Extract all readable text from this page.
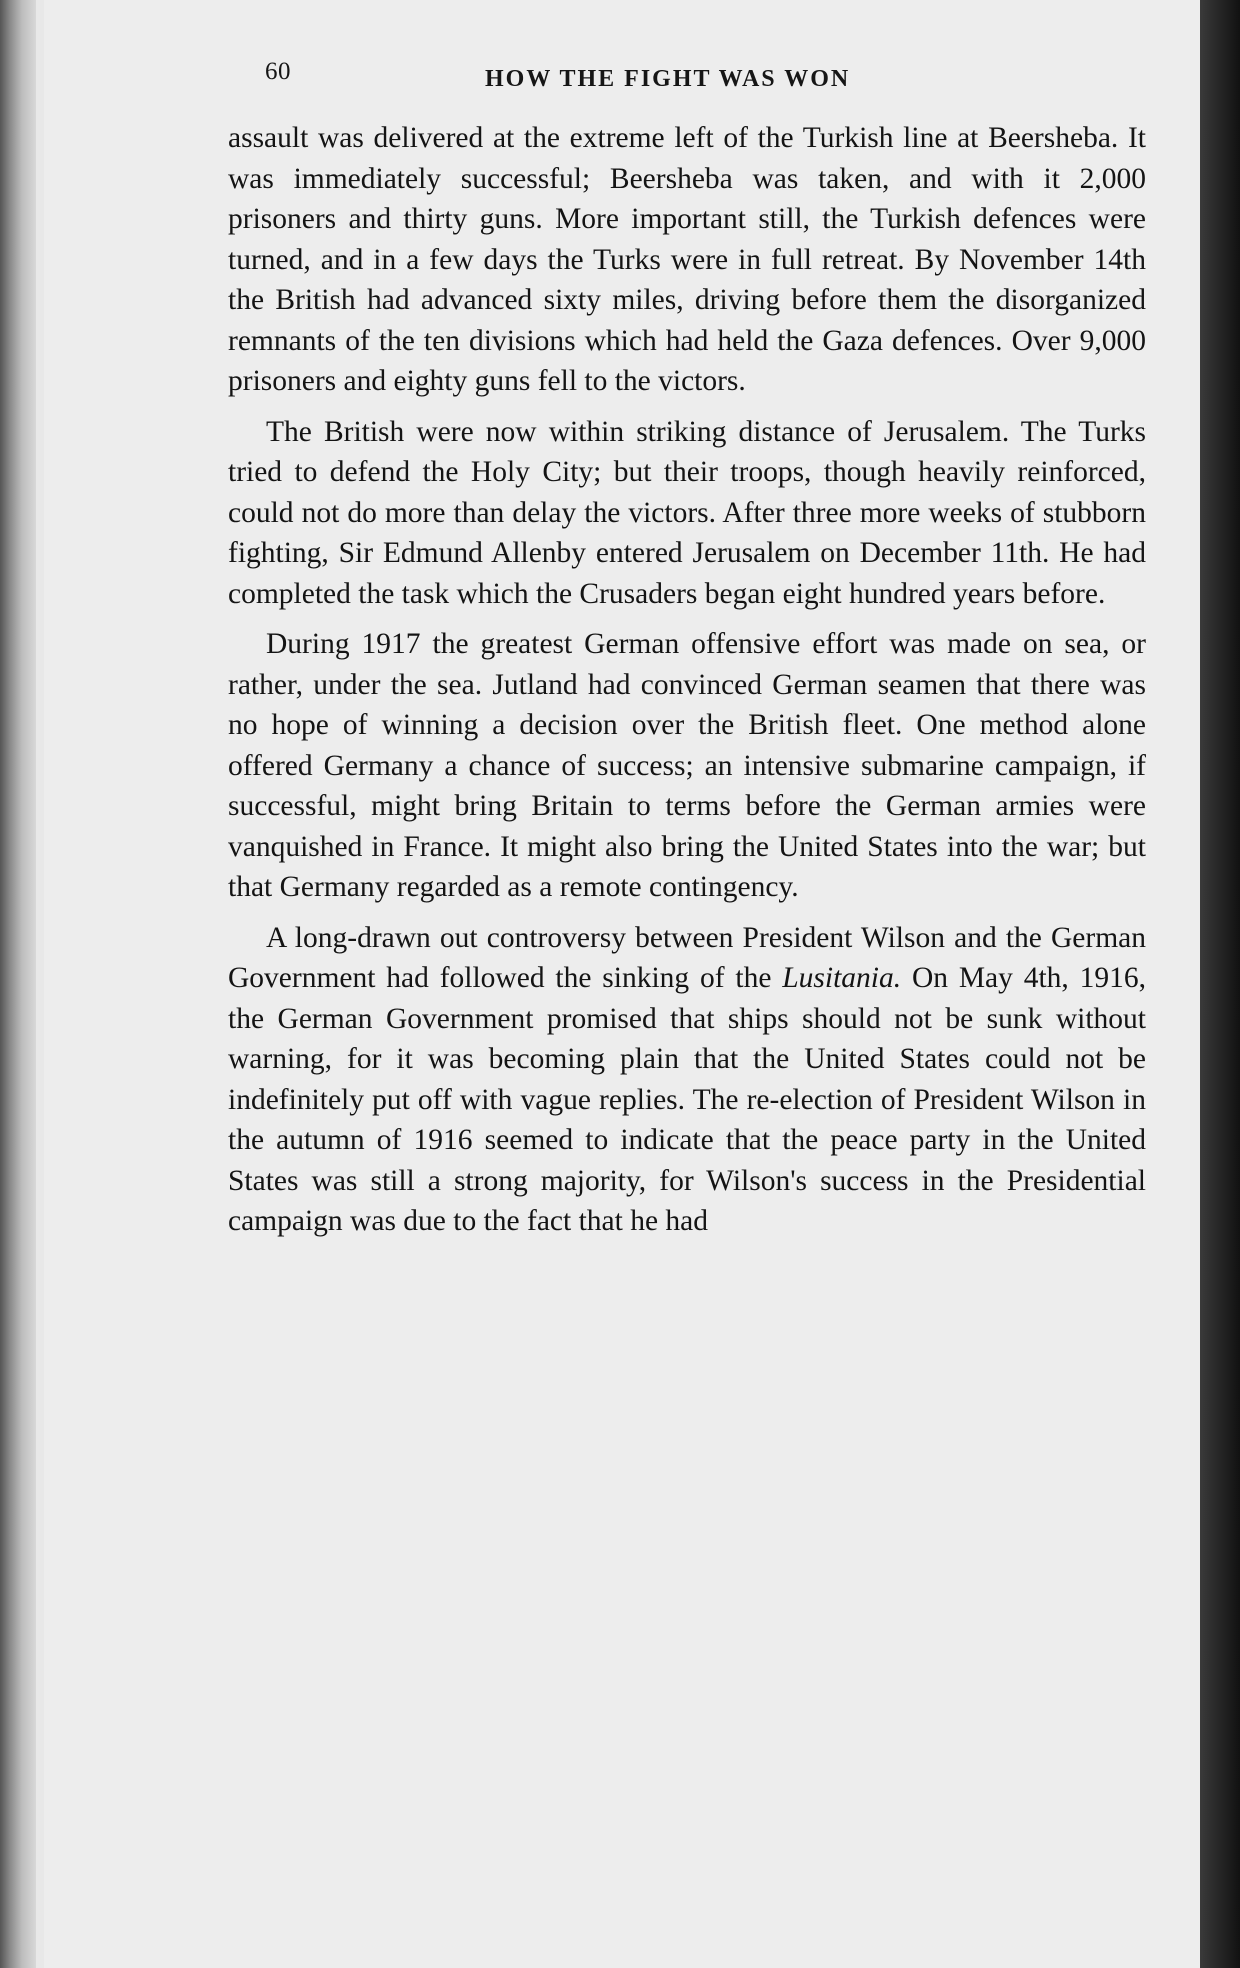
60	HOW THE FIGHT WAS WON

assault was delivered at the extreme left of the Turkish line at Beersheba. It was immediately successful; Beersheba was taken, and with it 2,000 prisoners and thirty guns. More important still, the Turkish defences were turned, and in a few days the Turks were in full retreat. By November 14th the British had advanced sixty miles, driving before them the disorganized remnants of the ten divisions which had held the Gaza defences. Over 9,000 prisoners and eighty guns fell to the victors.

The British were now within striking distance of Jerusalem. The Turks tried to defend the Holy City; but their troops, though heavily reinforced, could not do more than delay the victors. After three more weeks of stubborn fighting, Sir Edmund Allenby entered Jerusalem on December 11th. He had completed the task which the Crusaders began eight hundred years before.

During 1917 the greatest German offensive effort was made on sea, or rather, under the sea. Jutland had convinced German seamen that there was no hope of winning a decision over the British fleet. One method alone offered Germany a chance of success; an intensive submarine campaign, if successful, might bring Britain to terms before the German armies were vanquished in France. It might also bring the United States into the war; but that Germany regarded as a remote contingency.

A long-drawn out controversy between President Wilson and the German Government had followed the sinking of the Lusitania. On May 4th, 1916, the German Government promised that ships should not be sunk without warning, for it was becoming plain that the United States could not be indefinitely put off with vague replies. The re-election of President Wilson in the autumn of 1916 seemed to indicate that the peace party in the United States was still a strong majority, for Wilson's success in the Presidential campaign was due to the fact that he had
